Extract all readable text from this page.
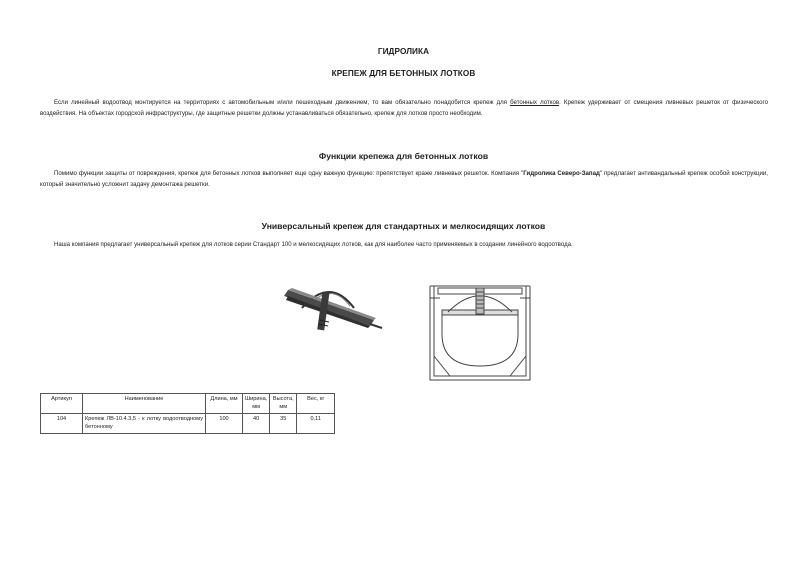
ГИДРОЛИКА
КРЕПЕЖ ДЛЯ БЕТОННЫХ ЛОТКОВ

Если линейный водоотвод монтируется на территориях с автомобильным и/или пешеходным движением, то вам обязательно понадобится крепеж для бетонных лотков. Крепеж удерживает от смещения ливневых решеток от физического воздействия. На объектах городской инфраструктуры, где защитные решетки должны устанавливаться обязательно, крепеж для лотков просто необходим.

Функции крепежа для бетонных лотков

Помимо функции защиты от повреждения, крепеж для бетонных лотков выполняет еще одну важную функцию: препятствует краже ливневых решеток. Компания "Гидролика Северо-Запад" предлагает антивандальный крепеж особой конструкции, который значительно усложнит задачу демонтажа решетки.

Универсальный крепеж для стандартных и мелкосидящих лотков

Наша компания предлагает универсальный крепеж для лотков серии Стандарт 100 и мелкосидящих лотков, как для наиболее часто применяемых в создании линейного водоотвода.

Артикул	Наименование	Длина, мм	Ширина, мм	Высота, мм	Вес, кг
104	Крепеж ЛВ-10.4.3,5 - к лотку водоотводному бетонному	100	40	35	0,11
